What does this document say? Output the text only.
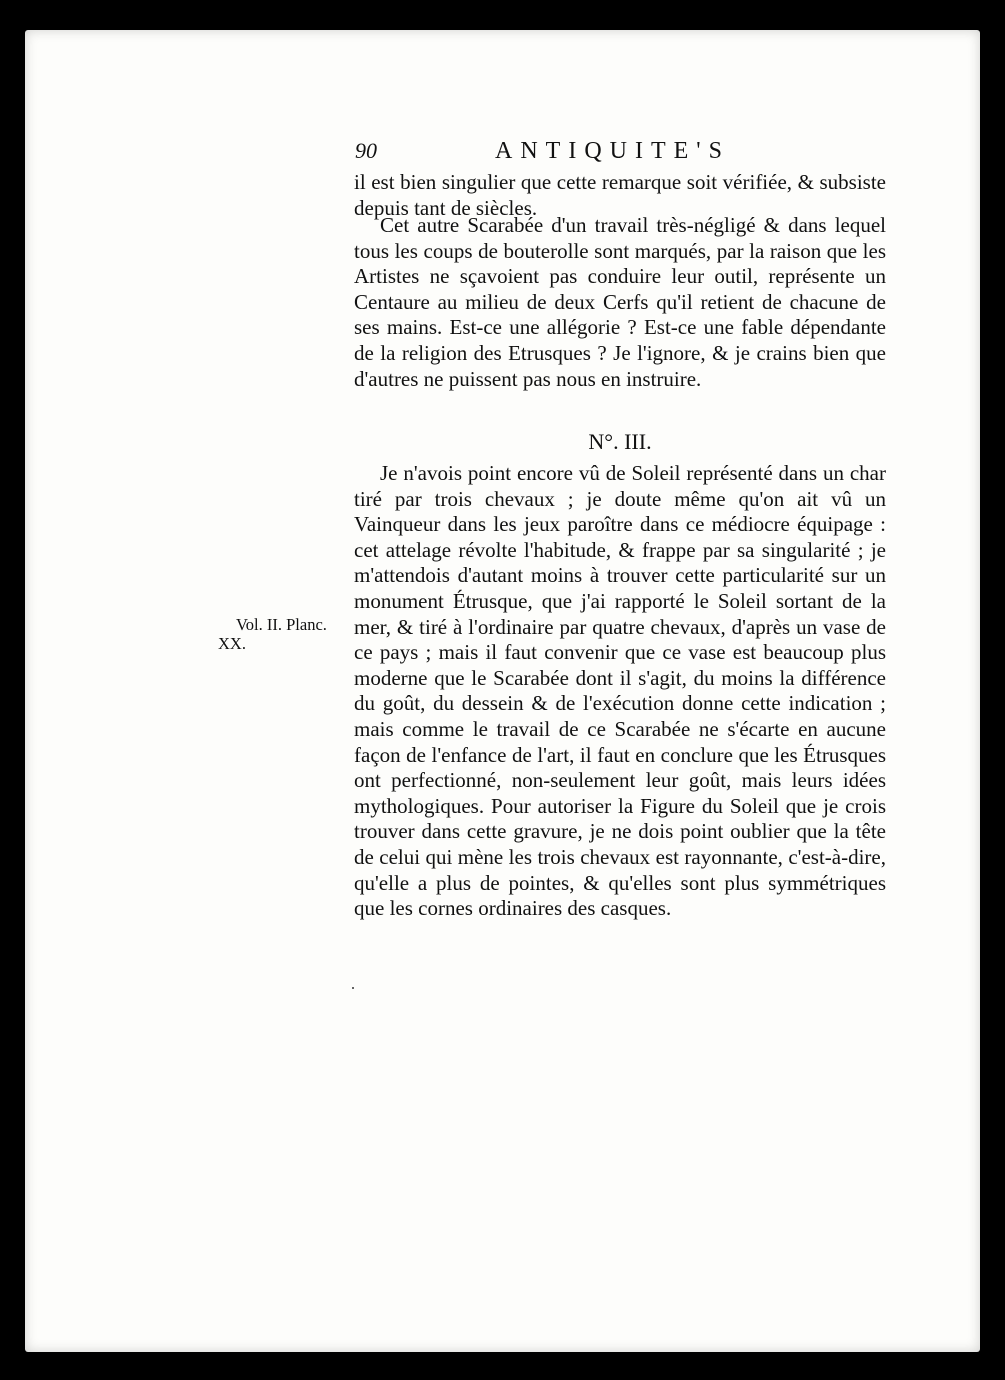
90	ANTIQUITE'S

il est bien singulier que cette remarque soit vérifiée, & subsiste depuis tant de siècles.

Cet autre Scarabée d'un travail très-négligé & dans lequel tous les coups de bouterolle sont marqués, par la raison que les Artistes ne sçavoient pas conduire leur outil, représente un Centaure au milieu de deux Cerfs qu'il retient de chacune de ses mains. Est-ce une allégorie ? Est-ce une fable dépendante de la religion des Etrusques ? Je l'ignore, & je crains bien que d'autres ne puissent pas nous en instruire.

N°. III.

Je n'avois point encore vû de Soleil représenté dans un char tiré par trois chevaux ; je doute même qu'on ait vû un Vainqueur dans les jeux paroître dans ce médiocre équipage : cet attelage révolte l'habitude, & frappe par sa singularité ; je m'attendois d'autant moins à trouver cette particularité sur un monument Étrusque, que j'ai rapporté le Soleil sortant de la mer, & tiré à l'ordinaire par quatre chevaux, d'après un vase de ce pays ; mais il faut convenir que ce vase est beaucoup plus moderne que le Scarabée dont il s'agit, du moins la différence du goût, du dessein & de l'exécution donne cette indication ; mais comme le travail de ce Scarabée ne s'écarte en aucune façon de l'enfance de l'art, il faut en conclure que les Étrusques ont perfectionné, non-seulement leur goût, mais leurs idées mythologiques. Pour autoriser la Figure du Soleil que je crois trouver dans cette gravure, je ne dois point oublier que la tête de celui qui mène les trois chevaux est rayonnante, c'est-à-dire, qu'elle a plus de pointes, & qu'elles sont plus symmétriques que les cornes ordinaires des casques.

Vol. II. Planc.
XX.
